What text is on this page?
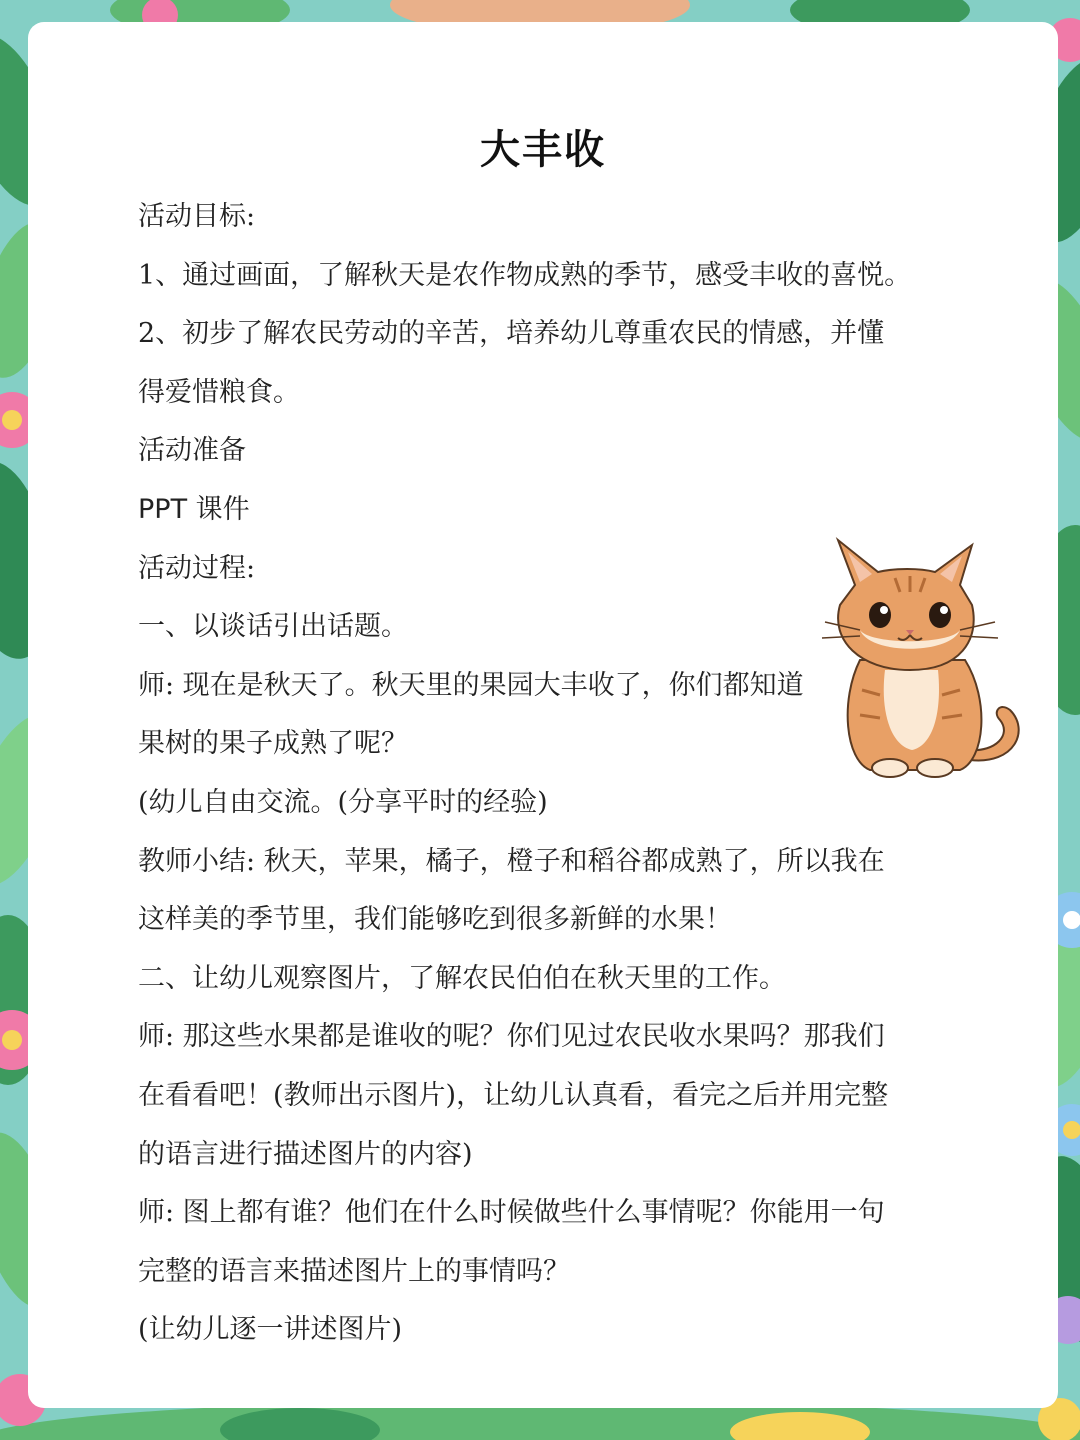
大丰收

活动目标:

1、通过画面，了解秋天是农作物成熟的季节，感受丰收的喜悦。

2、初步了解农民劳动的辛苦，培养幼儿尊重农民的情感，并懂

得爱惜粮食。

活动准备

PPT 课件

活动过程:

一、以谈话引出话题。

师: 现在是秋天了。秋天里的果园大丰收了，你们都知道

果树的果子成熟了呢？

(幼儿自由交流。(分享平时的经验)

教师小结: 秋天，苹果，橘子，橙子和稻谷都成熟了，所以我在

这样美的季节里，我们能够吃到很多新鲜的水果！

二、让幼儿观察图片，了解农民伯伯在秋天里的工作。

师: 那这些水果都是谁收的呢？你们见过农民收水果吗？那我们

在看看吧！(教师出示图片)，让幼儿认真看，看完之后并用完整

的语言进行描述图片的内容)

师: 图上都有谁？他们在什么时候做些什么事情呢？你能用一句

完整的语言来描述图片上的事情吗？

(让幼儿逐一讲述图片)
